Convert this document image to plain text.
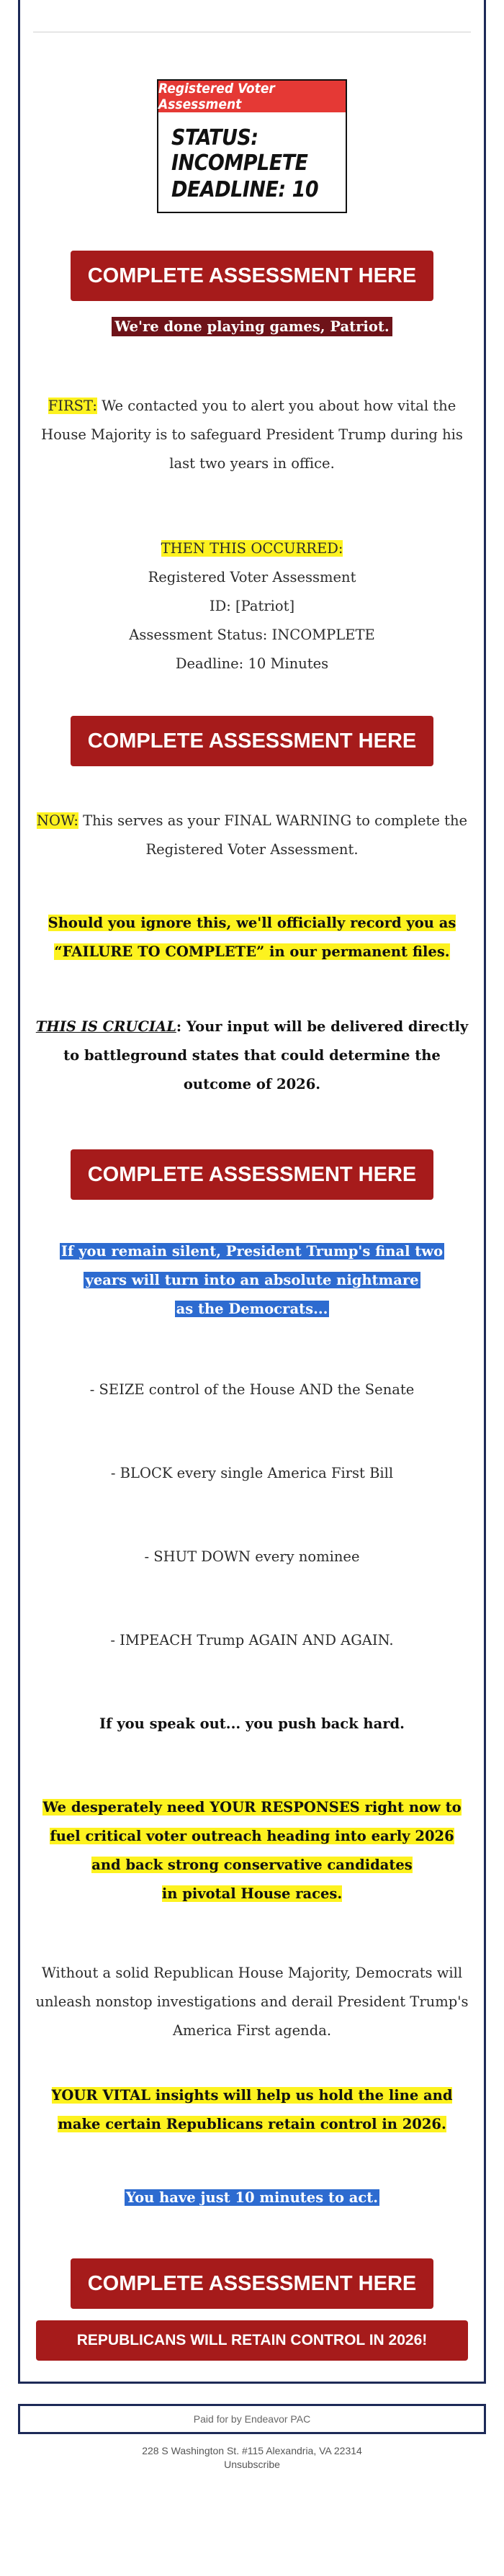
Registered Voter Assessment
STATUS: INCOMPLETE
DEADLINE: 10
COMPLETE ASSESSMENT HERE
We're done playing games, Patriot.
FIRST: We contacted you to alert you about how vital the House Majority is to safeguard President Trump during his last two years in office.
THEN THIS OCCURRED:
Registered Voter Assessment
ID: [Patriot]
Assessment Status: INCOMPLETE
Deadline: 10 Minutes
COMPLETE ASSESSMENT HERE
NOW: This serves as your FINAL WARNING to complete the Registered Voter Assessment.
Should you ignore this, we'll officially record you as “FAILURE TO COMPLETE” in our permanent files.
THIS IS CRUCIAL: Your input will be delivered directly to battleground states that could determine the outcome of 2026.
COMPLETE ASSESSMENT HERE
If you remain silent, President Trump's final two
years will turn into an absolute nightmare
as the Democrats...
- SEIZE control of the House AND the Senate
- BLOCK every single America First Bill
- SHUT DOWN every nominee
- IMPEACH Trump AGAIN AND AGAIN.
If you speak out... you push back hard.
We desperately need YOUR RESPONSES right now to
fuel critical voter outreach heading into early 2026
and back strong conservative candidates
in pivotal House races.
Without a solid Republican House Majority, Democrats will unleash nonstop investigations and derail President Trump's America First agenda.
YOUR VITAL insights will help us hold the line and
make certain Republicans retain control in 2026.
You have just 10 minutes to act.
COMPLETE ASSESSMENT HERE
REPUBLICANS WILL RETAIN CONTROL IN 2026!
Paid for by Endeavor PAC
228 S Washington St. #115 Alexandria, VA 22314
Unsubscribe
